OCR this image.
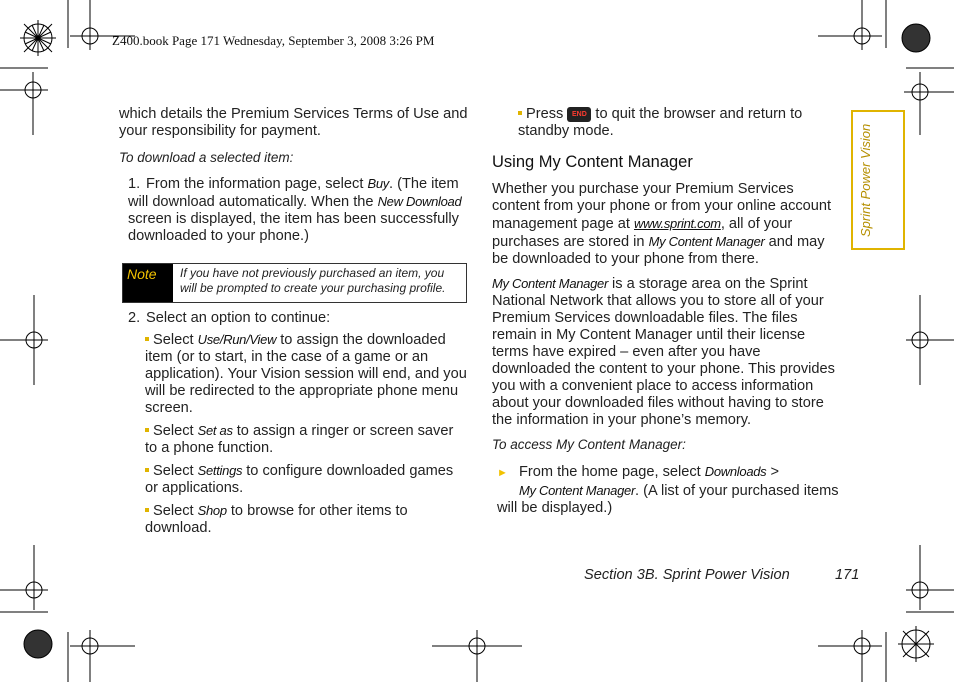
Z400.book Page 171 Wednesday, September 3, 2008 3:26 PM

which details the Premium Services Terms of Use and your responsibility for payment.

To download a selected item:
1. From the information page, select Buy. (The item will download automatically. When the New Download screen is displayed, the item has been successfully downloaded to your phone.)
Note	If you have not previously purchased an item, you will be prompted to create your purchasing profile.
2. Select an option to continue:

Select Use/Run/View to assign the downloaded item (or to start, in the case of a game or an application). Your Vision session will end, and you will be redirected to the appropriate phone menu screen.

Select Set as to assign a ringer or screen saver to a phone function.

Select Settings to configure downloaded games or applications.

Select Shop to browse for other items to download.

Press END to quit the browser and return to standby mode.
Using My Content Manager
Whether you purchase your Premium Services content from your phone or from your online account management page at www.sprint.com, all of your purchases are stored in My Content Manager and may be downloaded to your phone from there.
My Content Manager is a storage area on the Sprint National Network that allows you to store all of your Premium Services downloadable files. The files remain in My Content Manager until their license terms have expired – even after you have downloaded the content to your phone. This provides you with a convenient place to access information about your downloaded files without having to store the information in your phone’s memory.
To access My Content Manager:
► From the home page, select Downloads >
My Content Manager. (A list of your purchased items will be displayed.)
Sprint Power Vision
Section 3B. Sprint Power Vision	171
